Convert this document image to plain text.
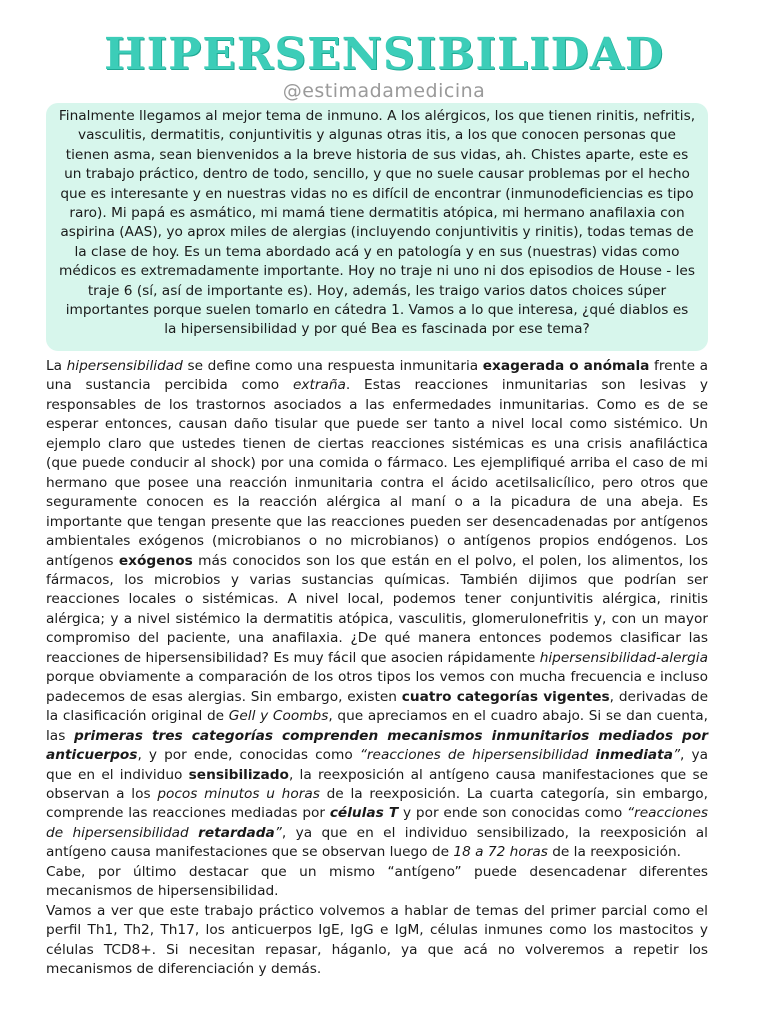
HIPERSENSIBILIDAD
@estimadamedicina

Finalmente llegamos al mejor tema de inmuno. A los alérgicos, los que tienen rinitis, nefritis, vasculitis, dermatitis, conjuntivitis y algunas otras itis, a los que conocen personas que tienen asma, sean bienvenidos a la breve historia de sus vidas, ah. Chistes aparte, este es un trabajo práctico, dentro de todo, sencillo, y que no suele causar problemas por el hecho que es interesante y en nuestras vidas no es difícil de encontrar (inmunodeficiencias es tipo raro). Mi papá es asmático, mi mamá tiene dermatitis atópica, mi hermano anafilaxia con aspirina (AAS), yo aprox miles de alergias (incluyendo conjuntivitis y rinitis), todas temas de la clase de hoy. Es un tema abordado acá y en patología y en sus (nuestras) vidas como médicos es extremadamente importante. Hoy no traje ni uno ni dos episodios de House - les traje 6 (sí, así de importante es). Hoy, además, les traigo varios datos choices súper importantes porque suelen tomarlo en cátedra 1. Vamos a lo que interesa, ¿qué diablos es la hipersensibilidad y por qué Bea es fascinada por ese tema?

La hipersensibilidad se define como una respuesta inmunitaria exagerada o anómala frente a una sustancia percibida como extraña. Estas reacciones inmunitarias son lesivas y responsables de los trastornos asociados a las enfermedades inmunitarias. Como es de se esperar entonces, causan daño tisular que puede ser tanto a nivel local como sistémico. Un ejemplo claro que ustedes tienen de ciertas reacciones sistémicas es una crisis anafiláctica (que puede conducir al shock) por una comida o fármaco. Les ejemplifiqué arriba el caso de mi hermano que posee una reacción inmunitaria contra el ácido acetilsalicílico, pero otros que seguramente conocen es la reacción alérgica al maní o a la picadura de una abeja. Es importante que tengan presente que las reacciones pueden ser desencadenadas por antígenos ambientales exógenos (microbianos o no microbianos) o antígenos propios endógenos. Los antígenos exógenos más conocidos son los que están en el polvo, el polen, los alimentos, los fármacos, los microbios y varias sustancias químicas. También dijimos que podrían ser reacciones locales o sistémicas. A nivel local, podemos tener conjuntivitis alérgica, rinitis alérgica; y a nivel sistémico la dermatitis atópica, vasculitis, glomerulonefritis y, con un mayor compromiso del paciente, una anafilaxia. ¿De qué manera entonces podemos clasificar las reacciones de hipersensibilidad? Es muy fácil que asocien rápidamente hipersensibilidad-alergia porque obviamente a comparación de los otros tipos los vemos con mucha frecuencia e incluso padecemos de esas alergias. Sin embargo, existen cuatro categorías vigentes, derivadas de la clasificación original de Gell y Coombs, que apreciamos en el cuadro abajo. Si se dan cuenta, las primeras tres categorías comprenden mecanismos inmunitarios mediados por anticuerpos, y por ende, conocidas como “reacciones de hipersensibilidad inmediata”, ya que en el individuo sensibilizado, la reexposición al antígeno causa manifestaciones que se observan a los pocos minutos u horas de la reexposición. La cuarta categoría, sin embargo, comprende las reacciones mediadas por células T y por ende son conocidas como “reacciones de hipersensibilidad retardada”, ya que en el individuo sensibilizado, la reexposición al antígeno causa manifestaciones que se observan luego de 18 a 72 horas de la reexposición.

Cabe, por último destacar que un mismo “antígeno” puede desencadenar diferentes mecanismos de hipersensibilidad.

Vamos a ver que este trabajo práctico volvemos a hablar de temas del primer parcial como el perfil Th1, Th2, Th17, los anticuerpos IgE, IgG e IgM, células inmunes como los mastocitos y células TCD8+. Si necesitan repasar, háganlo, ya que acá no volveremos a repetir los mecanismos de diferenciación y demás.
